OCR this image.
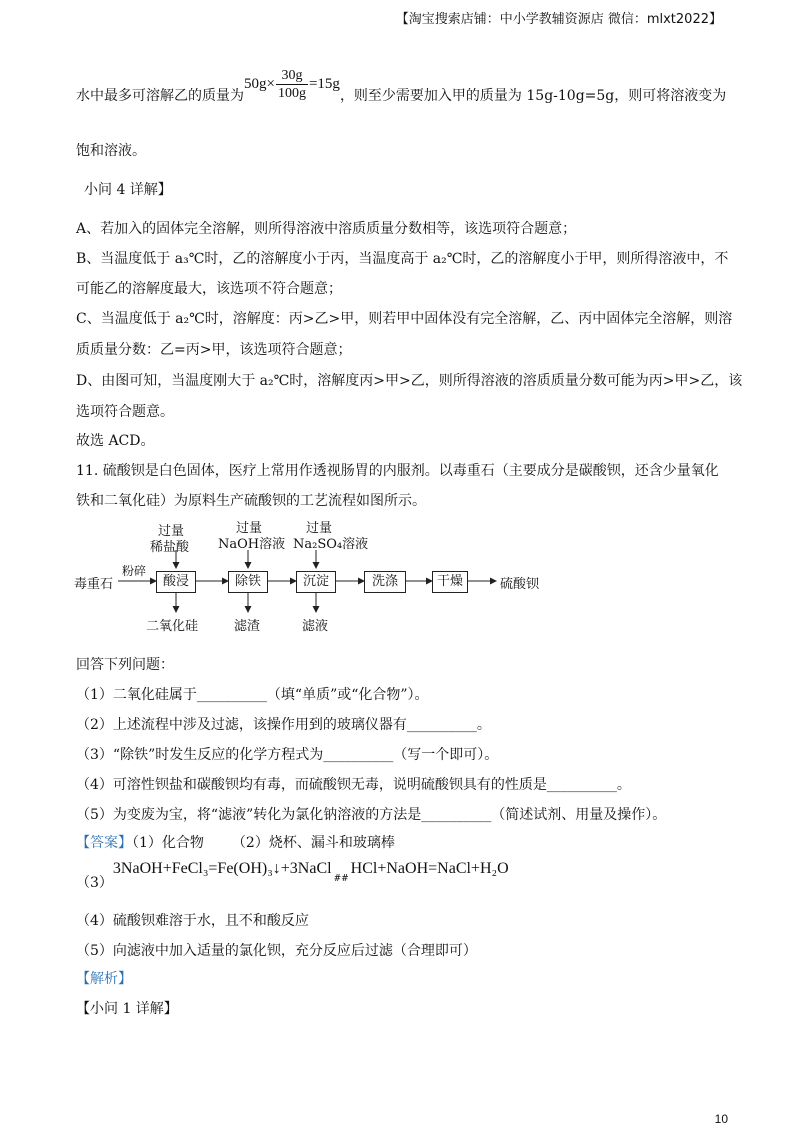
【淘宝搜索店铺：中小学教辅资源店 微信：mlxt2022】
水中最多可溶解乙的质量为$50g\times \frac{30g}{100g} =15g$，则至少需要加入甲的质量为 15g-10g=5g，则可将溶液变为
饱和溶液。
小问 4 详解】
A、若加入的固体完全溶解，则所得溶液中溶质质量分数相等，该选项符合题意；
B、当温度低于 a₃℃时，乙的溶解度小于丙，当温度高于 a₂℃时，乙的溶解度小于甲，则所得溶液中，不
可能乙的溶解度最大，该选项不符合题意；
C、当温度低于 a₂℃时，溶解度：丙>乙>甲，则若甲中固体没有完全溶解，乙、丙中固体完全溶解，则溶
质质量分数：乙=丙>甲，该选项符合题意；
D、由图可知，当温度刚大于 a₂℃时，溶解度丙>甲>乙，则所得溶液的溶质质量分数可能为丙>甲>乙，该
选项符合题意。
故选 ACD。
11. 硫酸钡是白色固体，医疗上常用作透视肠胃的内服剂。以毒重石（主要成分是碳酸钡，还含少量氧化
铁和二氧化硅）为原料生产硫酸钡的工艺流程如图所示。
毒重石
粉碎
过量
稀盐酸
过量
NaOH溶液
过量
Na₂SO₄溶液
酸浸	除铁	沉淀	洗涤	干燥	硫酸钡
二氧化硅	滤渣	滤液
回答下列问题：
（1）二氧化硅属于__________（填“单质”或“化合物”）。
（2）上述流程中涉及过滤，该操作用到的玻璃仪器有__________。
（3）“除铁”时发生反应的化学方程式为__________（写一个即可）。
（4）可溶性钡盐和碳酸钡均有毒，而硫酸钡无毒，说明硫酸钡具有的性质是__________。
（5）为变废为宝，将“滤液”转化为氯化钠溶液的方法是__________（简述试剂、用量及操作）。
【答案】（1）化合物 （2）烧杯、漏斗和玻璃棒
（3）3NaOH+FeCl₃=Fe(OH)₃↓+3NaCl$_{\#\#}$HCl+NaOH=NaCl+H₂O
（4）硫酸钡难溶于水，且不和酸反应
（5）向滤液中加入适量的氯化钡，充分反应后过滤（合理即可）
【解析】
【小问 1 详解】
10
